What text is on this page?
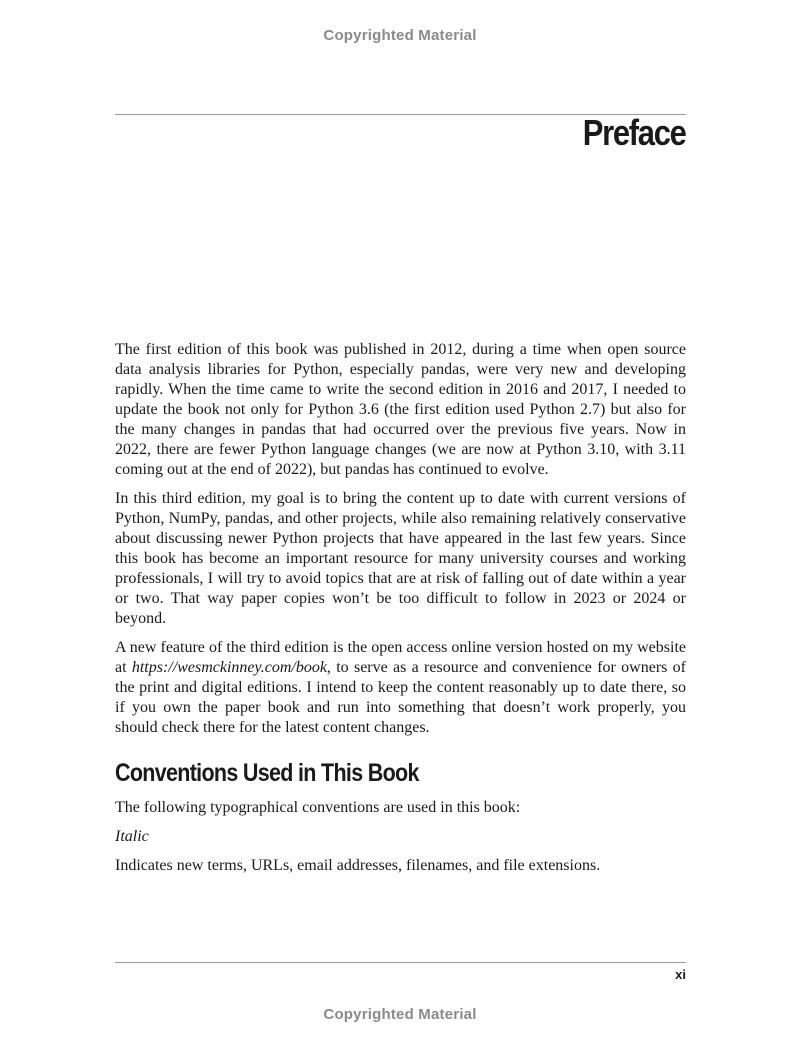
Copyrighted Material
Preface

The first edition of this book was published in 2012, during a time when open source data analysis libraries for Python, especially pandas, were very new and developing rapidly. When the time came to write the second edition in 2016 and 2017, I needed to update the book not only for Python 3.6 (the first edition used Python 2.7) but also for the many changes in pandas that had occurred over the previous five years. Now in 2022, there are fewer Python language changes (we are now at Python 3.10, with 3.11 coming out at the end of 2022), but pandas has continued to evolve.

In this third edition, my goal is to bring the content up to date with current versions of Python, NumPy, pandas, and other projects, while also remaining relatively conservative about discussing newer Python projects that have appeared in the last few years. Since this book has become an important resource for many university courses and working professionals, I will try to avoid topics that are at risk of falling out of date within a year or two. That way paper copies won’t be too difficult to follow in 2023 or 2024 or beyond.

A new feature of the third edition is the open access online version hosted on my website at https://wesmckinney.com/book, to serve as a resource and convenience for owners of the print and digital editions. I intend to keep the content reasonably up to date there, so if you own the paper book and run into something that doesn’t work properly, you should check there for the latest content changes.

Conventions Used in This Book

The following typographical conventions are used in this book:

Italic

Indicates new terms, URLs, email addresses, filenames, and file extensions.

xi
Copyrighted Material
